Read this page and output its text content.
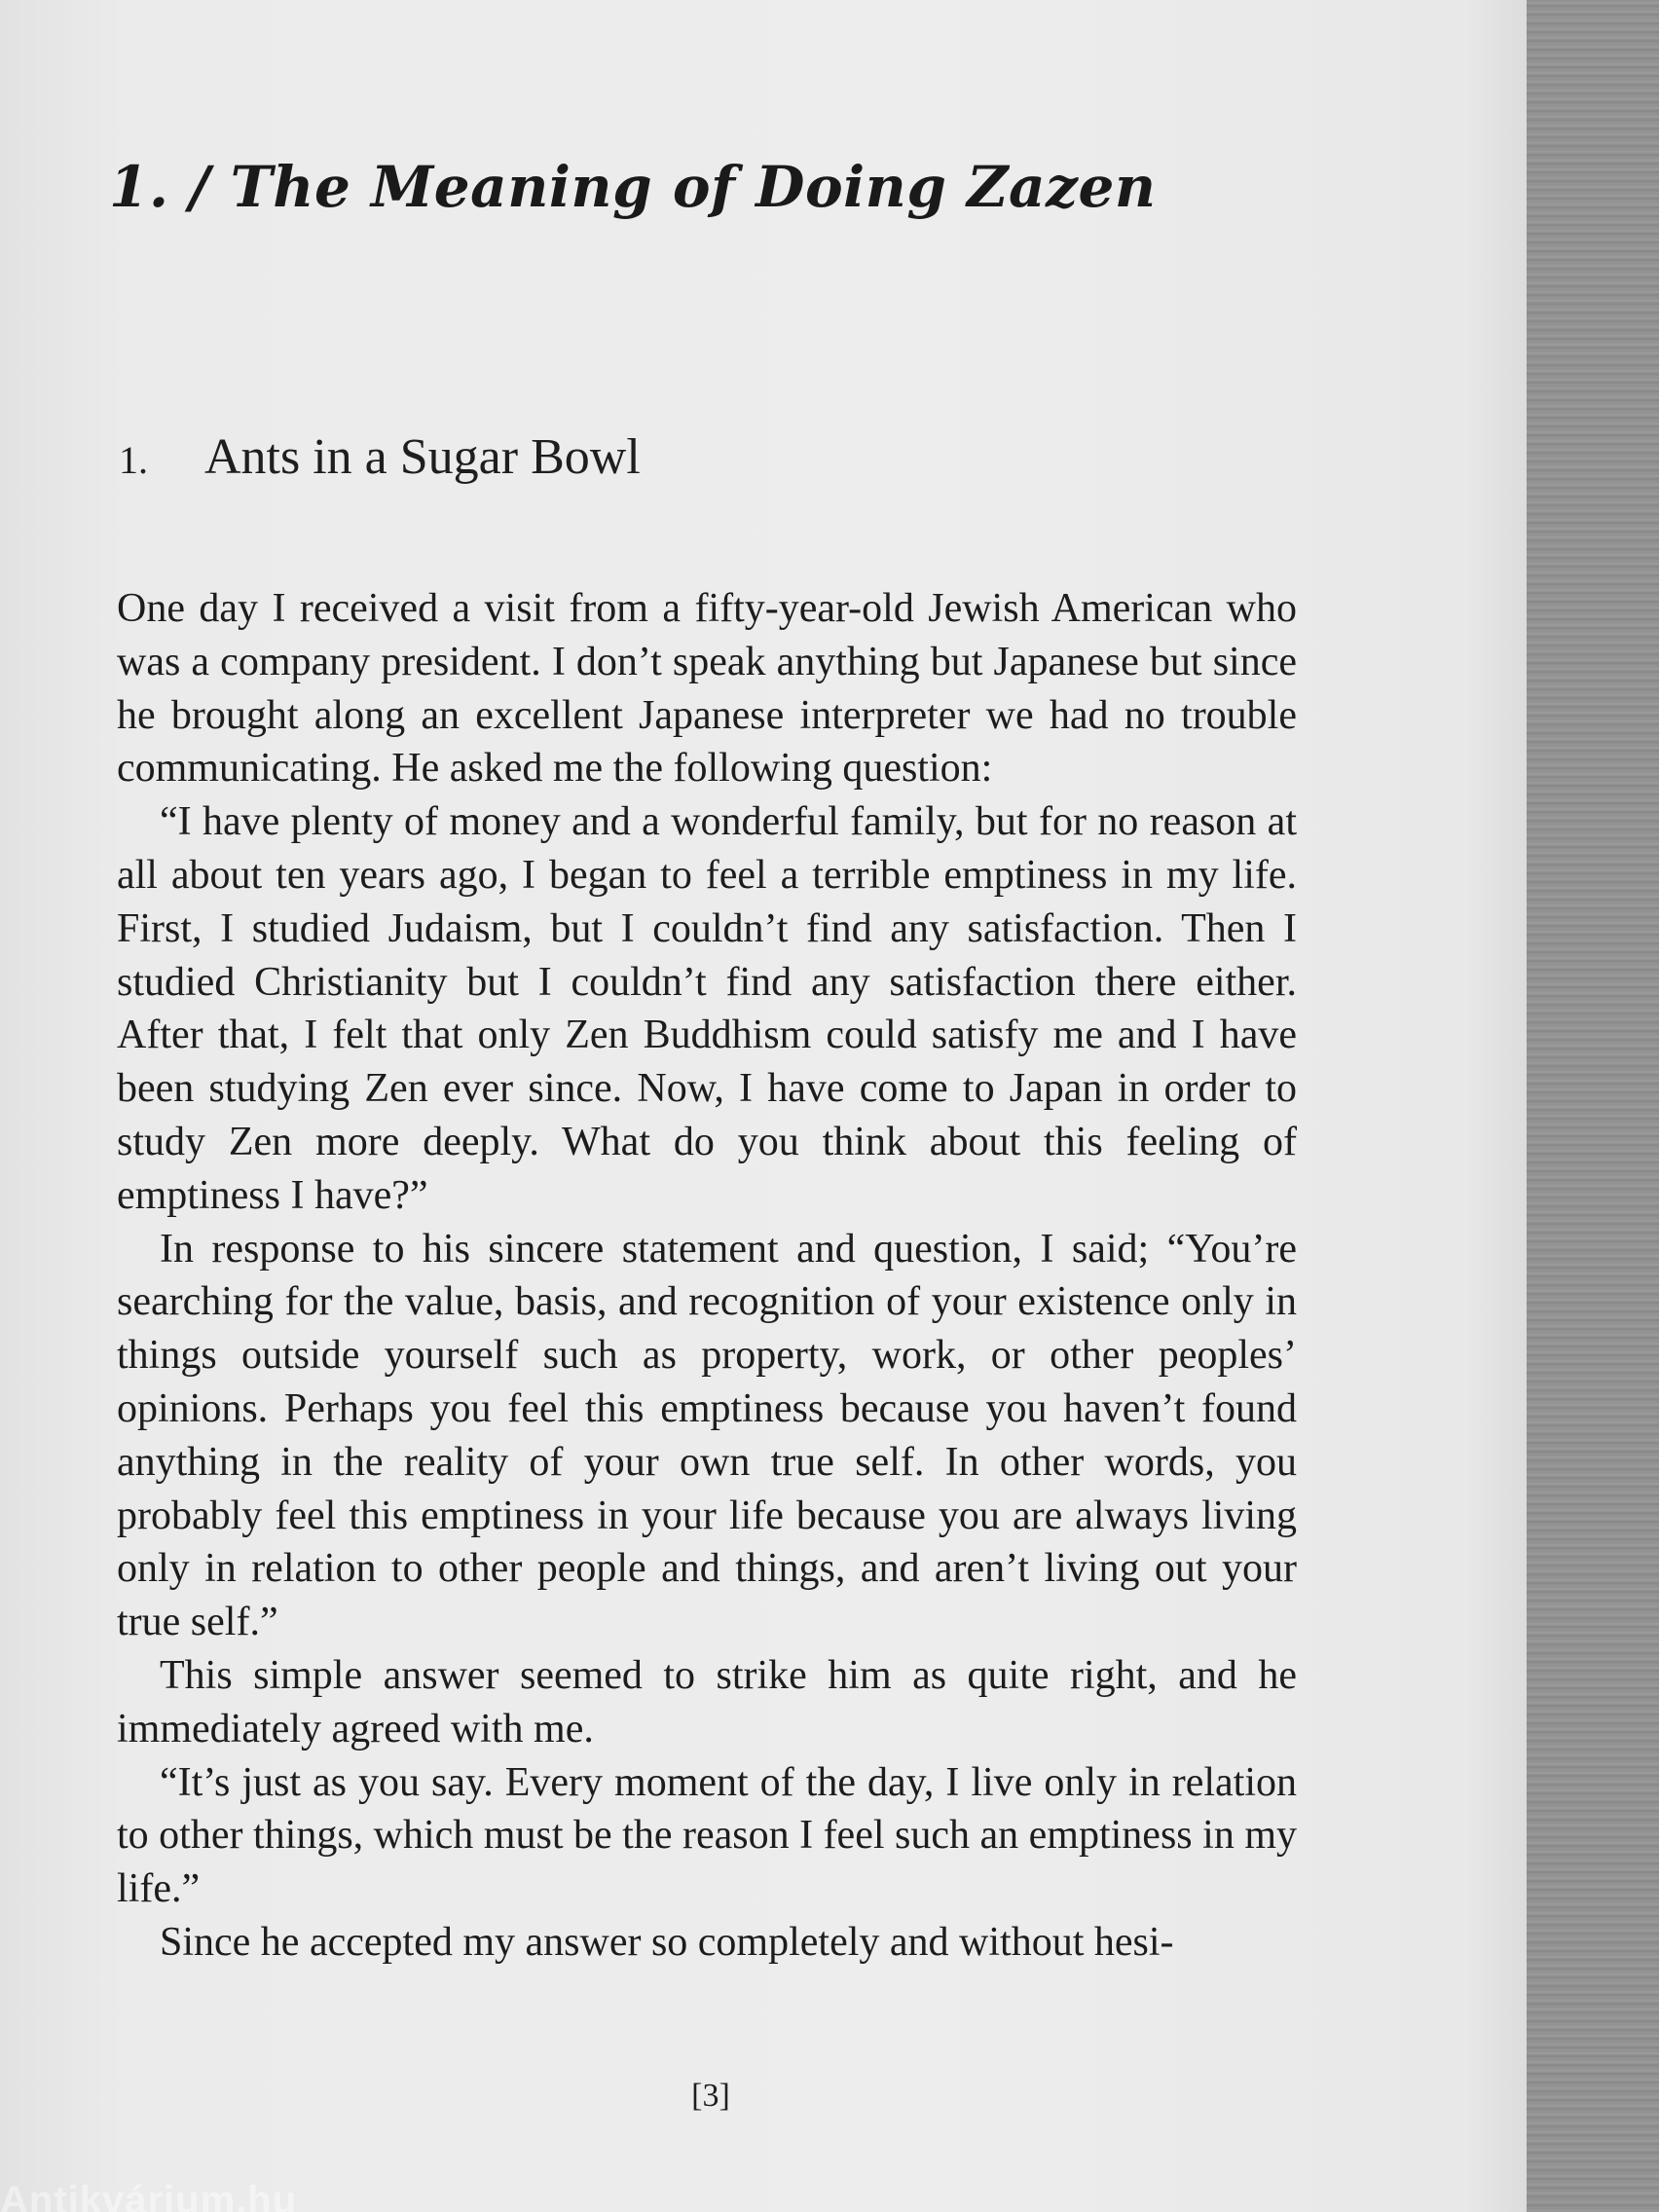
1. / The Meaning of Doing Zazen
1. Ants in a Sugar Bowl

One day I received a visit from a fifty-year-old Jewish American who was a company president. I don’t speak anything but Japanese but since he brought along an excellent Japanese interpreter we had no trouble communicating. He asked me the following question:

“I have plenty of money and a wonderful family, but for no reason at all about ten years ago, I began to feel a terrible emptiness in my life. First, I studied Judaism, but I couldn’t find any satisfaction. Then I studied Christianity but I couldn’t find any satisfaction there either. After that, I felt that only Zen Buddhism could satisfy me and I have been studying Zen ever since. Now, I have come to Japan in order to study Zen more deeply. What do you think about this feeling of emptiness I have?”

In response to his sincere statement and question, I said; “You’re searching for the value, basis, and recognition of your existence only in things outside yourself such as property, work, or other peoples’ opinions. Perhaps you feel this emptiness because you haven’t found anything in the reality of your own true self. In other words, you probably feel this emptiness in your life because you are always living only in relation to other people and things, and aren’t living out your true self.”

This simple answer seemed to strike him as quite right, and he immediately agreed with me.

“It’s just as you say. Every moment of the day, I live only in relation to other things, which must be the reason I feel such an emptiness in my life.”

Since he accepted my answer so completely and without hesi-

[3]
Antikvárium.hu
